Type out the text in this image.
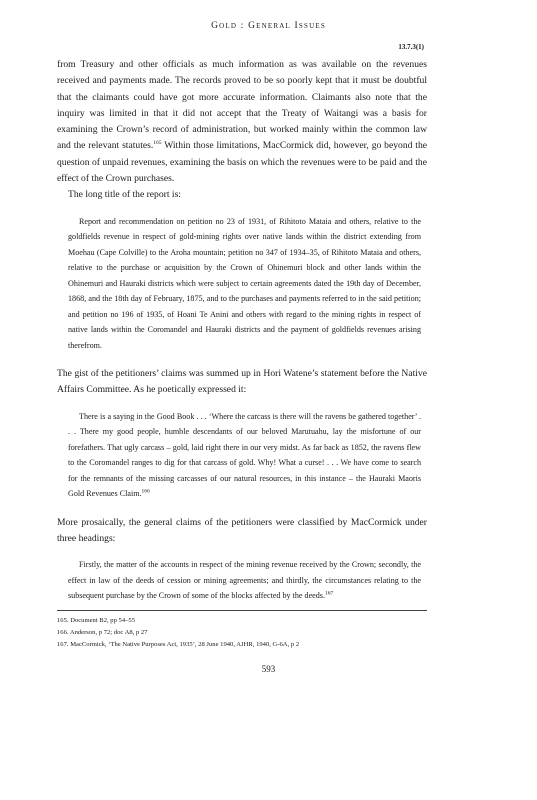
Gold : General Issues
13.7.3(1)

from Treasury and other officials as much information as was available on the revenues received and payments made. The records proved to be so poorly kept that it must be doubtful that the claimants could have got more accurate information. Claimants also note that the inquiry was limited in that it did not accept that the Treaty of Waitangi was a basis for examining the Crown’s record of administration, but worked mainly within the common law and the relevant statutes.$^{165}$ Within those limitations, MacCormick did, however, go beyond the question of unpaid revenues, examining the basis on which the revenues were to be paid and the effect of the Crown purchases.

The long title of the report is:

Report and recommendation on petition no 23 of 1931, of Rihitoto Mataia and others, relative to the goldfields revenue in respect of gold-mining rights over native lands within the district extending from Moehau (Cape Colville) to the Aroha mountain; petition no 347 of 1934–35, of Rihitoto Mataia and others, relative to the purchase or acquisition by the Crown of Ohinemuri block and other lands within the Ohinemuri and Hauraki districts which were subject to certain agreements dated the 19th day of December, 1868, and the 18th day of February, 1875, and to the purchases and payments referred to in the said petition; and petition no 196 of 1935, of Hoani Te Anini and others with regard to the mining rights in respect of native lands within the Coromandel and Hauraki districts and the payment of goldfields revenues arising therefrom.

The gist of the petitioners’ claims was summed up in Hori Watene’s statement before the Native Affairs Committee. As he poetically expressed it:

There is a saying in the Good Book . . . ‘Where the carcass is there will the ravens be gathered together’ . . . There my good people, humble descendants of our beloved Marutuahu, lay the misfortune of our forefathers. That ugly carcass – gold, laid right there in our very midst. As far back as 1852, the ravens flew to the Coromandel ranges to dig for that carcass of gold. Why! What a curse! . . . We have come to search for the remnants of the missing carcasses of our natural resources, in this instance – the Hauraki Maoris Gold Revenues Claim.$^{166}$

More prosaically, the general claims of the petitioners were classified by MacCormick under three headings:

Firstly, the matter of the accounts in respect of the mining revenue received by the Crown; secondly, the effect in law of the deeds of cession or mining agreements; and thirdly, the circumstances relating to the subsequent purchase by the Crown of some of the blocks affected by the deeds.$^{167}$

165. Document B2, pp 54–55
166. Anderson, p 72; doc A8, p 27
167. MacCormick, ‘The Native Purposes Act, 1935’, 28 June 1940, AJHR, 1940, G-6A, p 2
593
